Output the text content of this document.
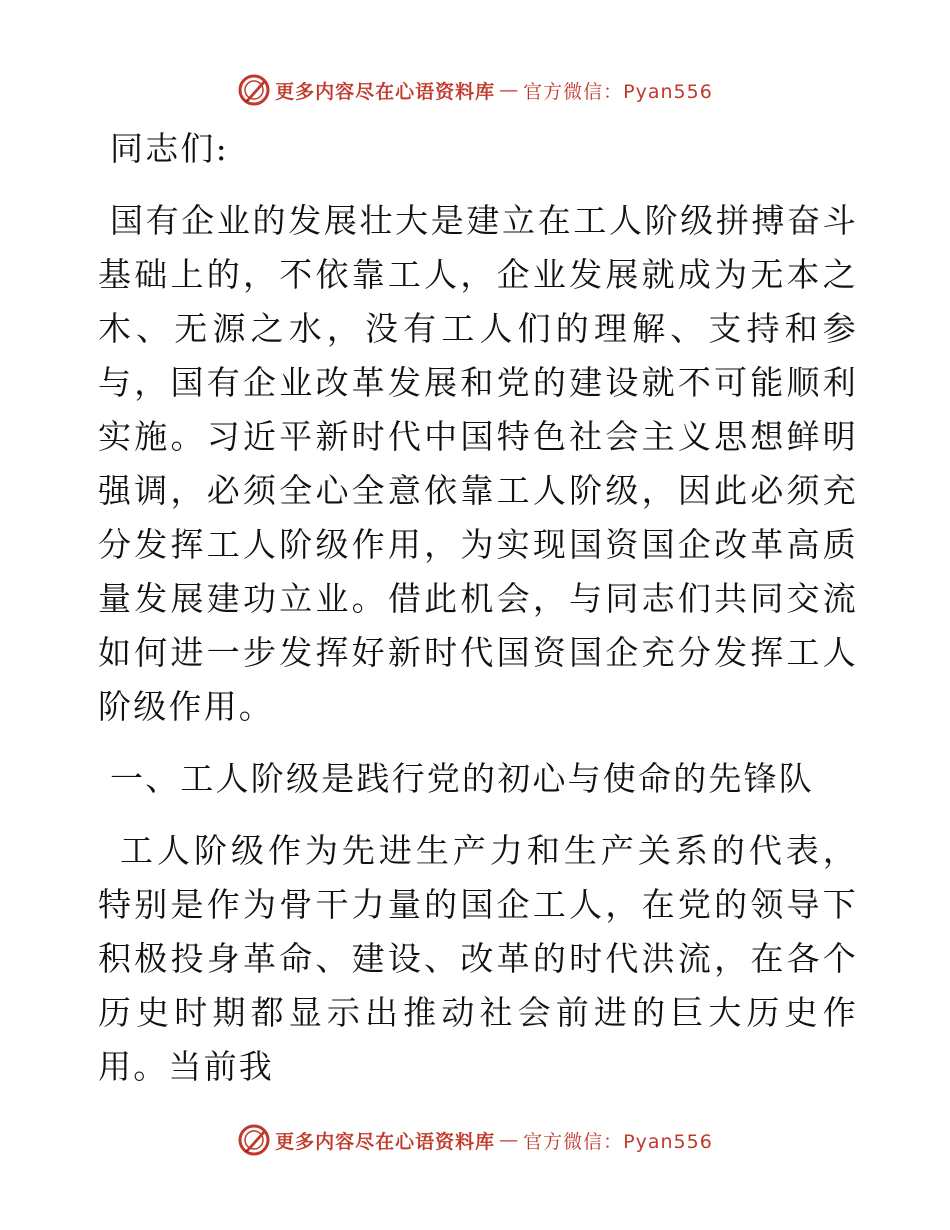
更多内容尽在心语资料库 — 官方微信：Pyan556

同志们:

国有企业的发展壮大是建立在工人阶级拼搏奋斗基础上的，不依靠工人，企业发展就成为无本之木、无源之水，没有工人们的理解、支持和参与，国有企业改革发展和党的建设就不可能顺利实施。习近平新时代中国特色社会主义思想鲜明强调，必须全心全意依靠工人阶级，因此必须充分发挥工人阶级作用，为实现国资国企改革高质量发展建功立业。借此机会，与同志们共同交流如何进一步发挥好新时代国资国企充分发挥工人阶级作用。

一、工人阶级是践行党的初心与使命的先锋队

工人阶级作为先进生产力和生产关系的代表，特别是作为骨干力量的国企工人，在党的领导下积极投身革命、建设、改革的时代洪流，在各个历史时期都显示出推动社会前进的巨大历史作用。当前我

更多内容尽在心语资料库 — 官方微信：Pyan556
